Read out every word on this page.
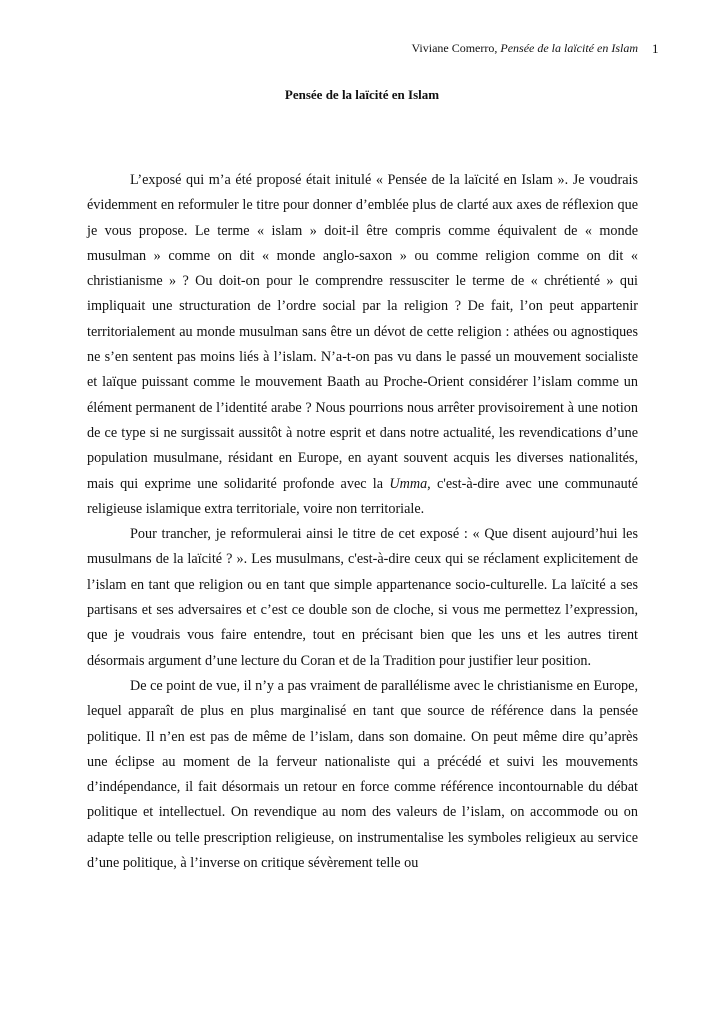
Viviane Comerro, Pensée de la laïcité en Islam 1
Pensée de la laïcité en Islam

L’exposé qui m’a été proposé était initulé « Pensée de la laïcité en Islam ». Je voudrais évidemment en reformuler le titre pour donner d’emblée plus de clarté aux axes de réflexion que je vous propose. Le terme « islam » doit-il être compris comme équivalent de « monde musulman » comme on dit « monde anglo-saxon » ou comme religion comme on dit « christianisme » ? Ou doit-on pour le comprendre ressusciter le terme de « chrétienté » qui impliquait une structuration de l’ordre social par la religion ? De fait, l’on peut appartenir territorialement au monde musulman sans être un dévot de cette religion : athées ou agnostiques ne s’en sentent pas moins liés à l’islam. N’a-t-on pas vu dans le passé un mouvement socialiste et laïque puissant comme le mouvement Baath au Proche-Orient considérer l’islam comme un élément permanent de l’identité arabe ? Nous pourrions nous arrêter provisoirement à une notion de ce type si ne surgissait aussitôt à notre esprit et dans notre actualité, les revendications d’une population musulmane, résidant en Europe, en ayant souvent acquis les diverses nationalités, mais qui exprime une solidarité profonde avec la Umma, c'est-à-dire avec une communauté religieuse islamique extra territoriale, voire non territoriale.

Pour trancher, je reformulerai ainsi le titre de cet exposé : « Que disent aujourd’hui les musulmans de la laïcité ? ». Les musulmans, c'est-à-dire ceux qui se réclament explicitement de l’islam en tant que religion ou en tant que simple appartenance socio-culturelle. La laïcité a ses partisans et ses adversaires et c’est ce double son de cloche, si vous me permettez l’expression, que je voudrais vous faire entendre, tout en précisant bien que les uns et les autres tirent désormais argument d’une lecture du Coran et de la Tradition pour justifier leur position.

De ce point de vue, il n’y a pas vraiment de parallélisme avec le christianisme en Europe, lequel apparaît de plus en plus marginalisé en tant que source de référence dans la pensée politique. Il n’en est pas de même de l’islam, dans son domaine. On peut même dire qu’après une éclipse au moment de la ferveur nationaliste qui a précédé et suivi les mouvements d’indépendance, il fait désormais un retour en force comme référence incontournable du débat politique et intellectuel. On revendique au nom des valeurs de l’islam, on accommode ou on adapte telle ou telle prescription religieuse, on instrumentalise les symboles religieux au service d’une politique, à l’inverse on critique sévèrement telle ou
